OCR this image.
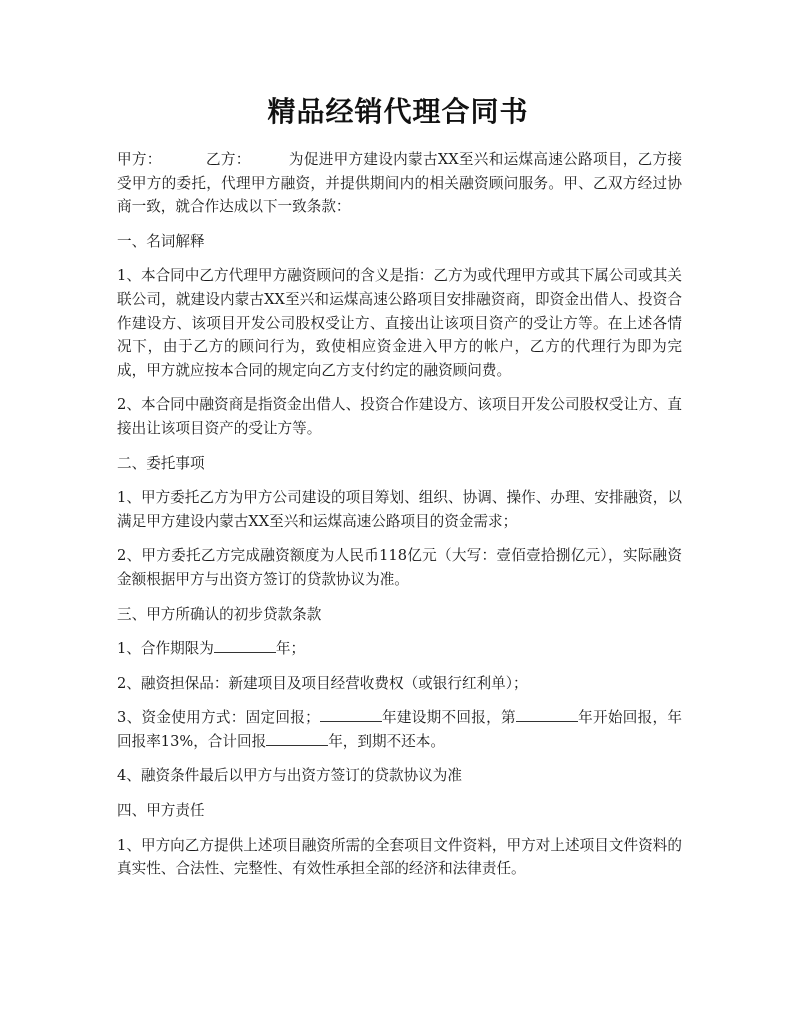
精品经销代理合同书

甲方：	乙方：	为促进甲方建设内蒙古XX至兴和运煤高速公路项目，乙方接受甲方的委托，代理甲方融资，并提供期间内的相关融资顾问服务。甲、乙双方经过协商一致，就合作达成以下一致条款：

一、名词解释

1、本合同中乙方代理甲方融资顾问的含义是指：乙方为或代理甲方或其下属公司或其关联公司，就建设内蒙古XX至兴和运煤高速公路项目安排融资商，即资金出借人、投资合作建设方、该项目开发公司股权受让方、直接出让该项目资产的受让方等。在上述各情况下，由于乙方的顾问行为，致使相应资金进入甲方的帐户，乙方的代理行为即为完成，甲方就应按本合同的规定向乙方支付约定的融资顾问费。

2、本合同中融资商是指资金出借人、投资合作建设方、该项目开发公司股权受让方、直接出让该项目资产的受让方等。

二、委托事项

1、甲方委托乙方为甲方公司建设的项目筹划、组织、协调、操作、办理、安排融资，以满足甲方建设内蒙古XX至兴和运煤高速公路项目的资金需求；

2、甲方委托乙方完成融资额度为人民币118亿元（大写：壹佰壹拾捌亿元），实际融资金额根据甲方与出资方签订的贷款协议为准。

三、甲方所确认的初步贷款条款

1、合作期限为	年；

2、融资担保品：新建项目及项目经营收费权（或银行红利单）；

3、资金使用方式：固定回报；	年建设期不回报，第	年开始回报，年回报率13%，合计回报	年，到期不还本。

4、融资条件最后以甲方与出资方签订的贷款协议为准

四、甲方责任

1、甲方向乙方提供上述项目融资所需的全套项目文件资料，甲方对上述项目文件资料的真实性、合法性、完整性、有效性承担全部的经济和法律责任。
